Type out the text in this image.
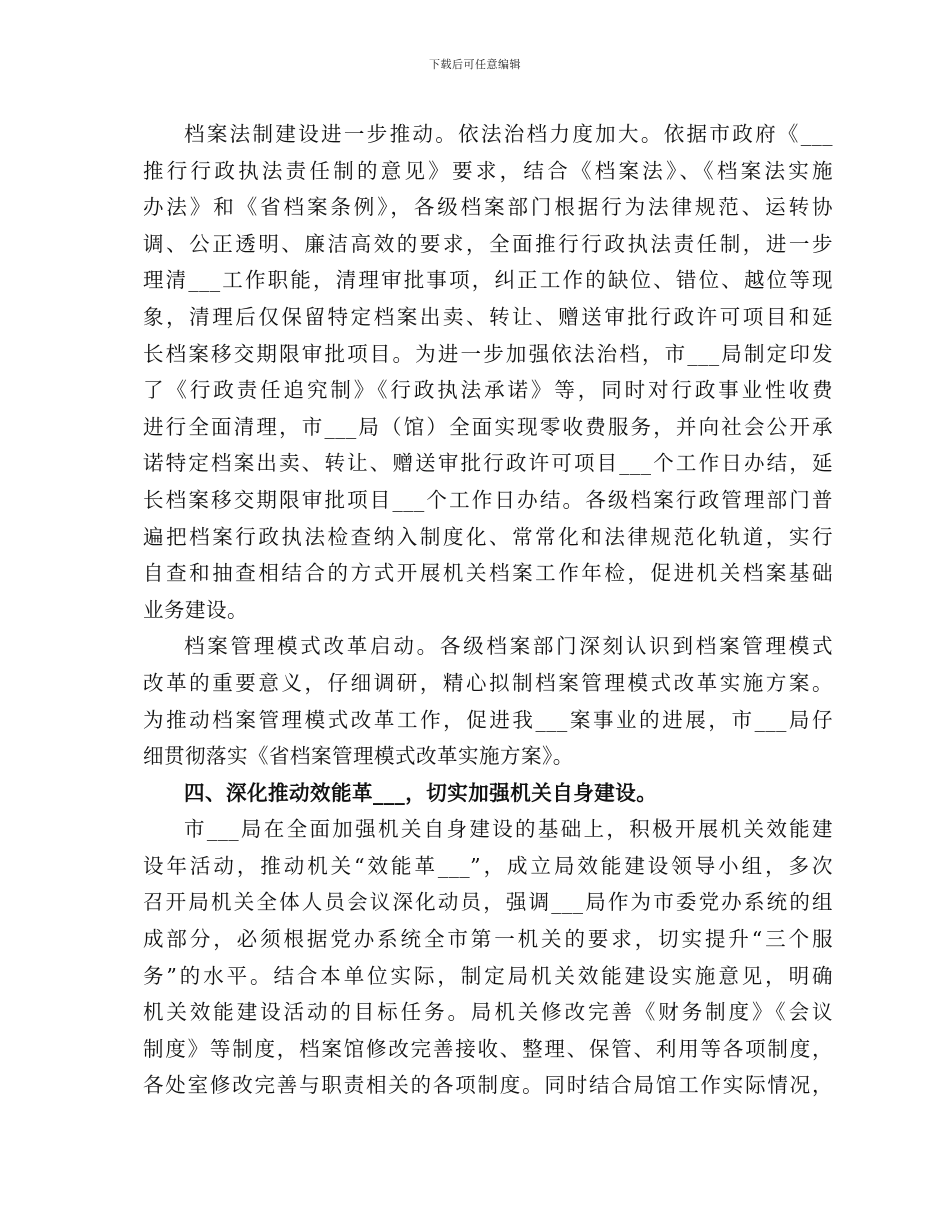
下载后可任意编辑
档案法制建设进一步推动。依法治档力度加大。依据市政府《___
推行行政执法责任制的意见》要求，结合《档案法》、《档案法实施
办法》和《省档案条例》，各级档案部门根据行为法律规范、运转协
调、公正透明、廉洁高效的要求，全面推行行政执法责任制，进一步
理清___工作职能，清理审批事项，纠正工作的缺位、错位、越位等现
象，清理后仅保留特定档案出卖、转让、赠送审批行政许可项目和延
长档案移交期限审批项目。为进一步加强依法治档，市___局制定印发
了《行政责任追究制》《行政执法承诺》等，同时对行政事业性收费
进行全面清理，市___局（馆）全面实现零收费服务，并向社会公开承
诺特定档案出卖、转让、赠送审批行政许可项目___个工作日办结，延
长档案移交期限审批项目___个工作日办结。各级档案行政管理部门普
遍把档案行政执法检查纳入制度化、常常化和法律规范化轨道，实行
自查和抽查相结合的方式开展机关档案工作年检，促进机关档案基础
业务建设。
档案管理模式改革启动。各级档案部门深刻认识到档案管理模式
改革的重要意义，仔细调研，精心拟制档案管理模式改革实施方案。
为推动档案管理模式改革工作，促进我___案事业的进展，市___局仔
细贯彻落实《省档案管理模式改革实施方案》。
四、深化推动效能革___，切实加强机关自身建设。
市___局在全面加强机关自身建设的基础上，积极开展机关效能建
设年活动，推动机关“效能革___”，成立局效能建设领导小组，多次
召开局机关全体人员会议深化动员，强调___局作为市委党办系统的组
成部分，必须根据党办系统全市第一机关的要求，切实提升“三个服
务”的水平。结合本单位实际，制定局机关效能建设实施意见，明确
机关效能建设活动的目标任务。局机关修改完善《财务制度》《会议
制度》等制度，档案馆修改完善接收、整理、保管、利用等各项制度，
各处室修改完善与职责相关的各项制度。同时结合局馆工作实际情况，
